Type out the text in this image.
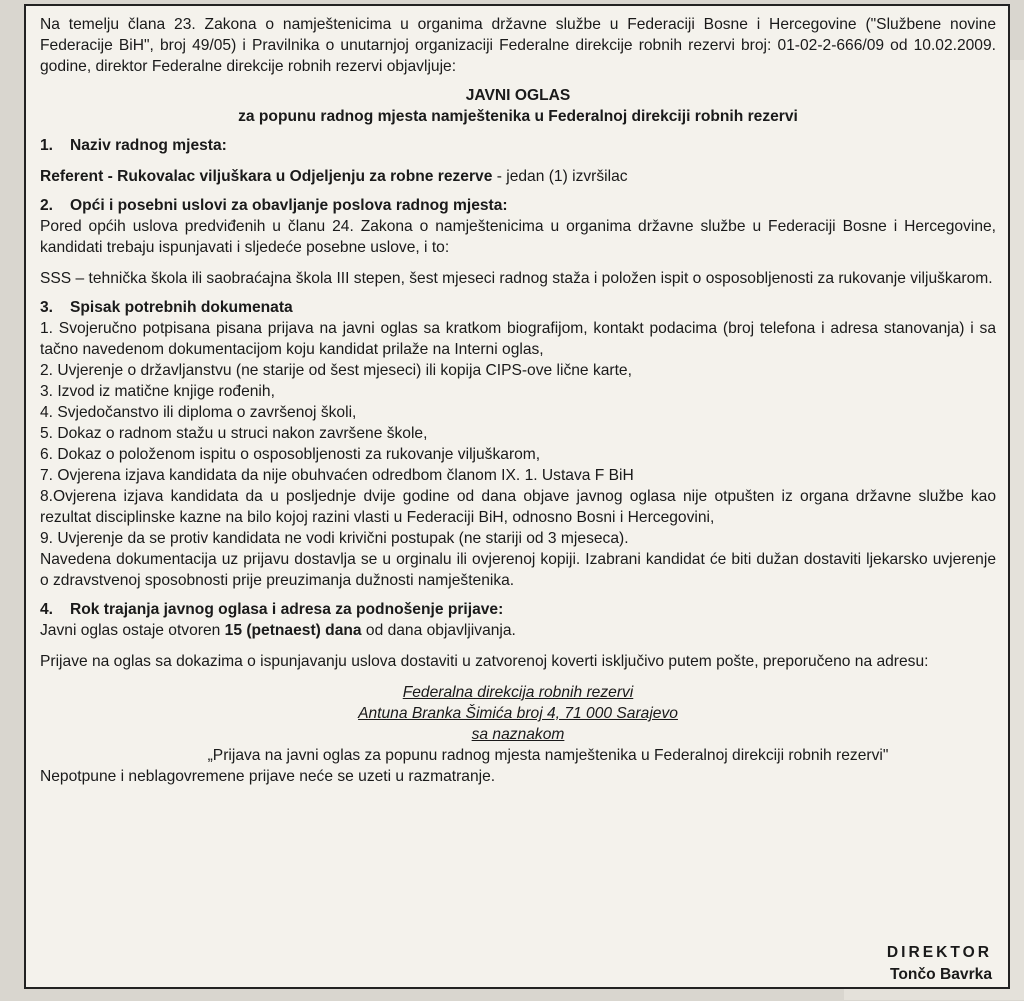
Na temelju člana 23. Zakona o namještenicima u organima državne službe u Federaciji Bosne i Hercegovine ("Službene novine Federacije BiH", broj 49/05) i Pravilnika o unutarnjoj organizaciji Federalne direkcije robnih rezervi broj: 01-02-2-666/09 od 10.02.2009. godine, direktor Federalne direkcije robnih rezervi objavljuje:

JAVNI OGLAS
za popunu radnog mjesta namještenika u Federalnoj direkciji robnih rezervi
1. Naziv radnog mjesta:

Referent - Rukovalac viljuškara u Odjeljenju za robne rezerve - jedan (1) izvršilac

2. Opći i posebni uslovi za obavljanje poslova radnog mjesta:

Pored općih uslova predviđenih u članu 24. Zakona o namještenicima u organima državne službe u Federaciji Bosne i Hercegovine, kandidati trebaju ispunjavati i sljedeće posebne uslove, i to:

SSS – tehnička škola ili saobraćajna škola III stepen, šest mjeseci radnog staža i položen ispit o osposobljenosti za rukovanje viljuškarom.

3. Spisak potrebnih dokumenata

1. Svojeručno potpisana pisana prijava na javni oglas sa kratkom biografijom, kontakt podacima (broj telefona i adresa stanovanja) i sa tačno navedenom dokumentacijom koju kandidat prilaže na Interni oglas,

2. Uvjerenje o državljanstvu (ne starije od šest mjeseci) ili kopija CIPS-ove lične karte,

3. Izvod iz matične knjige rođenih,

4. Svjedočanstvo ili diploma o završenoj školi,

5. Dokaz o radnom stažu u struci nakon završene škole,

6. Dokaz o položenom ispitu o osposobljenosti za rukovanje viljuškarom,

7. Ovjerena izjava kandidata da nije obuhvaćen odredbom članom IX. 1. Ustava F BiH

8.Ovjerena izjava kandidata da u posljednje dvije godine od dana objave javnog oglasa nije otpušten iz organa državne službe kao rezultat disciplinske kazne na bilo kojoj razini vlasti u Federaciji BiH, odnosno Bosni i Hercegovini,

9. Uvjerenje da se protiv kandidata ne vodi krivični postupak (ne stariji od 3 mjeseca).

Navedena dokumentacija uz prijavu dostavlja se u orginalu ili ovjerenoj kopiji. Izabrani kandidat će biti dužan dostaviti ljekarsko uvjerenje o zdravstvenoj sposobnosti prije preuzimanja dužnosti namještenika.

4. Rok trajanja javnog oglasa i adresa za podnošenje prijave:

Javni oglas ostaje otvoren 15 (petnaest) dana od dana objavljivanja.

Prijave na oglas sa dokazima o ispunjavanju uslova dostaviti u zatvorenoj koverti isključivo putem pošte, preporučeno na adresu:

Federalna direkcija robnih rezervi
Antuna Branka Šimića broj 4, 71 000 Sarajevo
sa naznakom
„Prijava na javni oglas za popunu radnog mjesta namještenika u Federalnoj direkciji robnih rezervi"

Nepotpune i neblagovremene prijave neće se uzeti u razmatranje.

DIREKTOR
Tončo Bavrka
